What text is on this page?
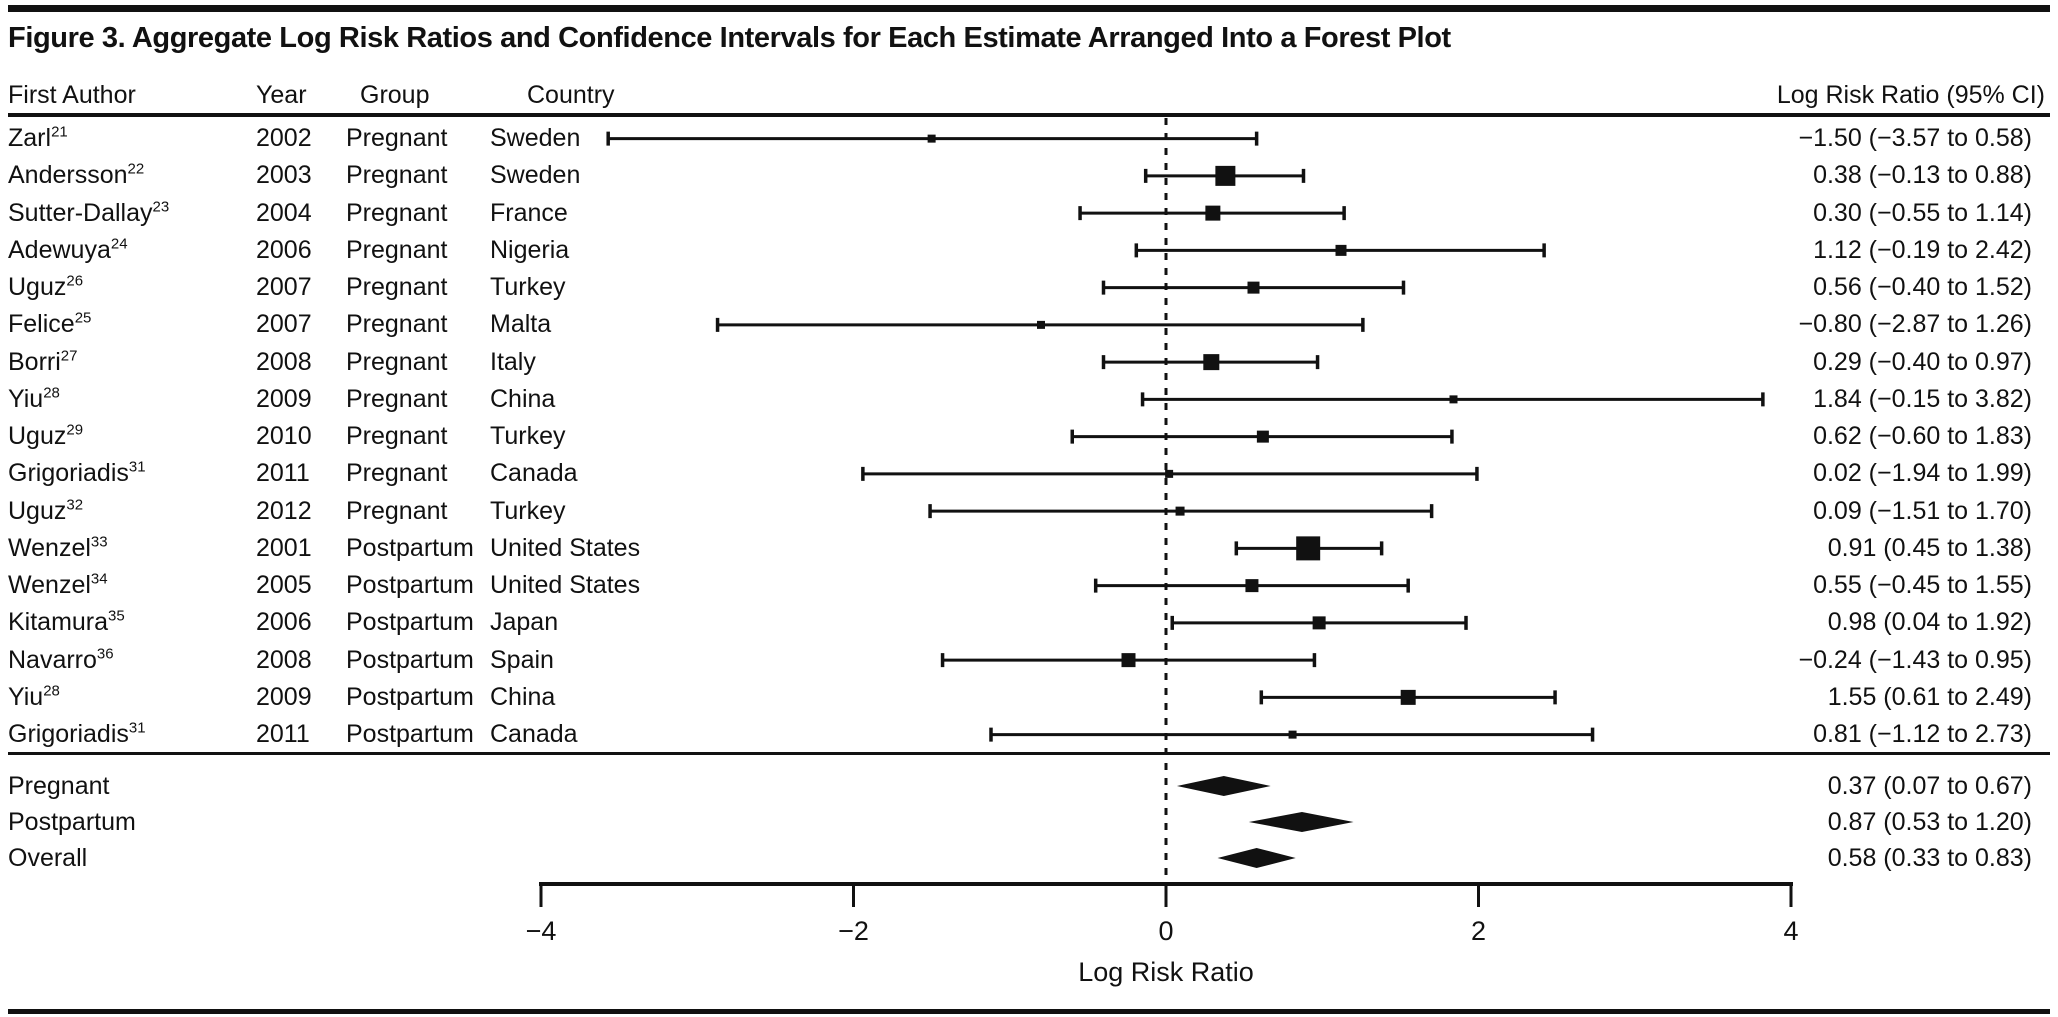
Figure 3. Aggregate Log Risk Ratios and Confidence Intervals for Each Estimate Arranged Into a Forest Plot
First Author	Year Group	Country	Log Risk Ratio (95% CI)
Zarl$^{21}$	2002 Pregnant Sweden	−1.50 (−3.57 to 0.58)
Andersson$^{22}$	2003 Pregnant Sweden	0.38 (−0.13 to 0.88)
Sutter-Dallay$^{23}$	2004 Pregnant France	0.30 (−0.55 to 1.14)
Adewuya$^{24}$	2006 Pregnant Nigeria	1.12 (−0.19 to 2.42)
Uguz$^{26}$	2007 Pregnant Turkey	0.56 (−0.40 to 1.52)
Felice$^{25}$	2007 Pregnant Malta	−0.80 (−2.87 to 1.26)
Borri$^{27}$	2008 Pregnant Italy	0.29 (−0.40 to 0.97)
Yiu$^{28}$	2009 Pregnant China	1.84 (−0.15 to 3.82)
Uguz$^{29}$	2010 Pregnant Turkey	0.62 (−0.60 to 1.83)
Grigoriadis$^{31}$	2011 Pregnant Canada	0.02 (−1.94 to 1.99)
Uguz$^{32}$	2012 Pregnant Turkey	0.09 (−1.51 to 1.70)
Wenzel$^{33}$	2001 Postpartum United States	0.91 (0.45 to 1.38)
Wenzel$^{34}$	2005 Postpartum United States	0.55 (−0.45 to 1.55)
Kitamura$^{35}$	2006 Postpartum Japan	0.98 (0.04 to 1.92)
Navarro$^{36}$	2008 Postpartum Spain	−0.24 (−1.43 to 0.95)
Yiu$^{28}$	2009 Postpartum China	1.55 (0.61 to 2.49)
Grigoriadis$^{31}$	2011 Postpartum Canada	0.81 (−1.12 to 2.73)
Pregnant	0.37 (0.07 to 0.67)
Postpartum	0.87 (0.53 to 1.20)
Overall	0.58 (0.33 to 0.83)
−4	−2	0	2	4
Log Risk Ratio
